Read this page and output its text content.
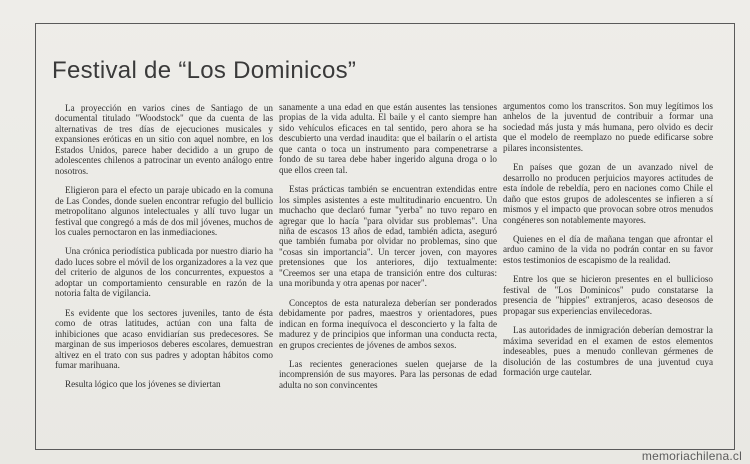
Festival de “Los Dominicos”

La proyección en varios cines de Santiago de un documental titulado "Woodstock" que da cuenta de las alternativas de tres días de ejecuciones musicales y expansiones eróticas en un sitio con aquel nombre, en los Estados Unidos, parece haber decidido a un grupo de adolescentes chilenos a patrocinar un evento análogo entre nosotros.

Eligieron para el efecto un paraje ubicado en la comuna de Las Condes, donde suelen encontrar refugio del bullicio metropolitano algunos intelectuales y allí tuvo lugar un festival que congregó a más de dos mil jóvenes, muchos de los cuales pernoctaron en las inmediaciones.

Una crónica periodística publicada por nuestro diario ha dado luces sobre el móvil de los organizadores a la vez que del criterio de algunos de los concurrentes, expuestos a adoptar un comportamiento censurable en razón de la notoria falta de vigilancia.

Es evidente que los sectores juveniles, tanto de ésta como de otras latitudes, actúan con una falta de inhibiciones que acaso envidiarían sus predecesores. Se marginan de sus imperiosos deberes escolares, demuestran altivez en el trato con sus padres y adoptan hábitos como fumar marihuana.

Resulta lógico que los jóvenes se diviertan

sanamente a una edad en que están ausentes las tensiones propias de la vida adulta. El baile y el canto siempre han sido vehículos eficaces en tal sentido, pero ahora se ha descubierto una verdad inaudita: que el bailarín o el artista que canta o toca un instrumento para compenetrarse a fondo de su tarea debe haber ingerido alguna droga o lo que ellos creen tal.

Estas prácticas también se encuentran extendidas entre los simples asistentes a este multitudinario encuentro. Un muchacho que declaró fumar "yerba" no tuvo reparo en agregar que lo hacía "para olvidar sus problemas". Una niña de escasos 13 años de edad, también adicta, aseguró que también fumaba por olvidar no problemas, sino que "cosas sin importancia". Un tercer joven, con mayores pretensiones que los anteriores, dijo textualmente: "Creemos ser una etapa de transición entre dos culturas: una moribunda y otra apenas por nacer".

Conceptos de esta naturaleza deberían ser ponderados debidamente por padres, maestros y orientadores, pues indican en forma inequívoca el desconcierto y la falta de madurez y de principios que informan una conducta recta, en grupos crecientes de jóvenes de ambos sexos.

Las recientes generaciones suelen quejarse de la incomprensión de sus mayores. Para las personas de edad adulta no son convincentes

argumentos como los transcritos. Son muy legítimos los anhelos de la juventud de contribuir a formar una sociedad más justa y más humana, pero olvido es decir que el modelo de reemplazo no puede edificarse sobre pilares inconsistentes.

En países que gozan de un avanzado nivel de desarrollo no producen perjuicios mayores actitudes de esta índole de rebeldía, pero en naciones como Chile el daño que estos grupos de adolescentes se infieren a sí mismos y el impacto que provocan sobre otros menudos congéneres son notablemente mayores.

Quienes en el día de mañana tengan que afrontar el arduo camino de la vida no podrán contar en su favor estos testimonios de escapismo de la realidad.

Entre los que se hicieron presentes en el bullicioso festival de "Los Dominicos" pudo constatarse la presencia de "hippies" extranjeros, acaso deseosos de propagar sus experiencias envilecedoras.

Las autoridades de inmigración deberían demostrar la máxima severidad en el examen de estos elementos indeseables, pues a menudo conllevan gérmenes de disolución de las costumbres de una juventud cuya formación urge cautelar.

memoriachilena.cl
